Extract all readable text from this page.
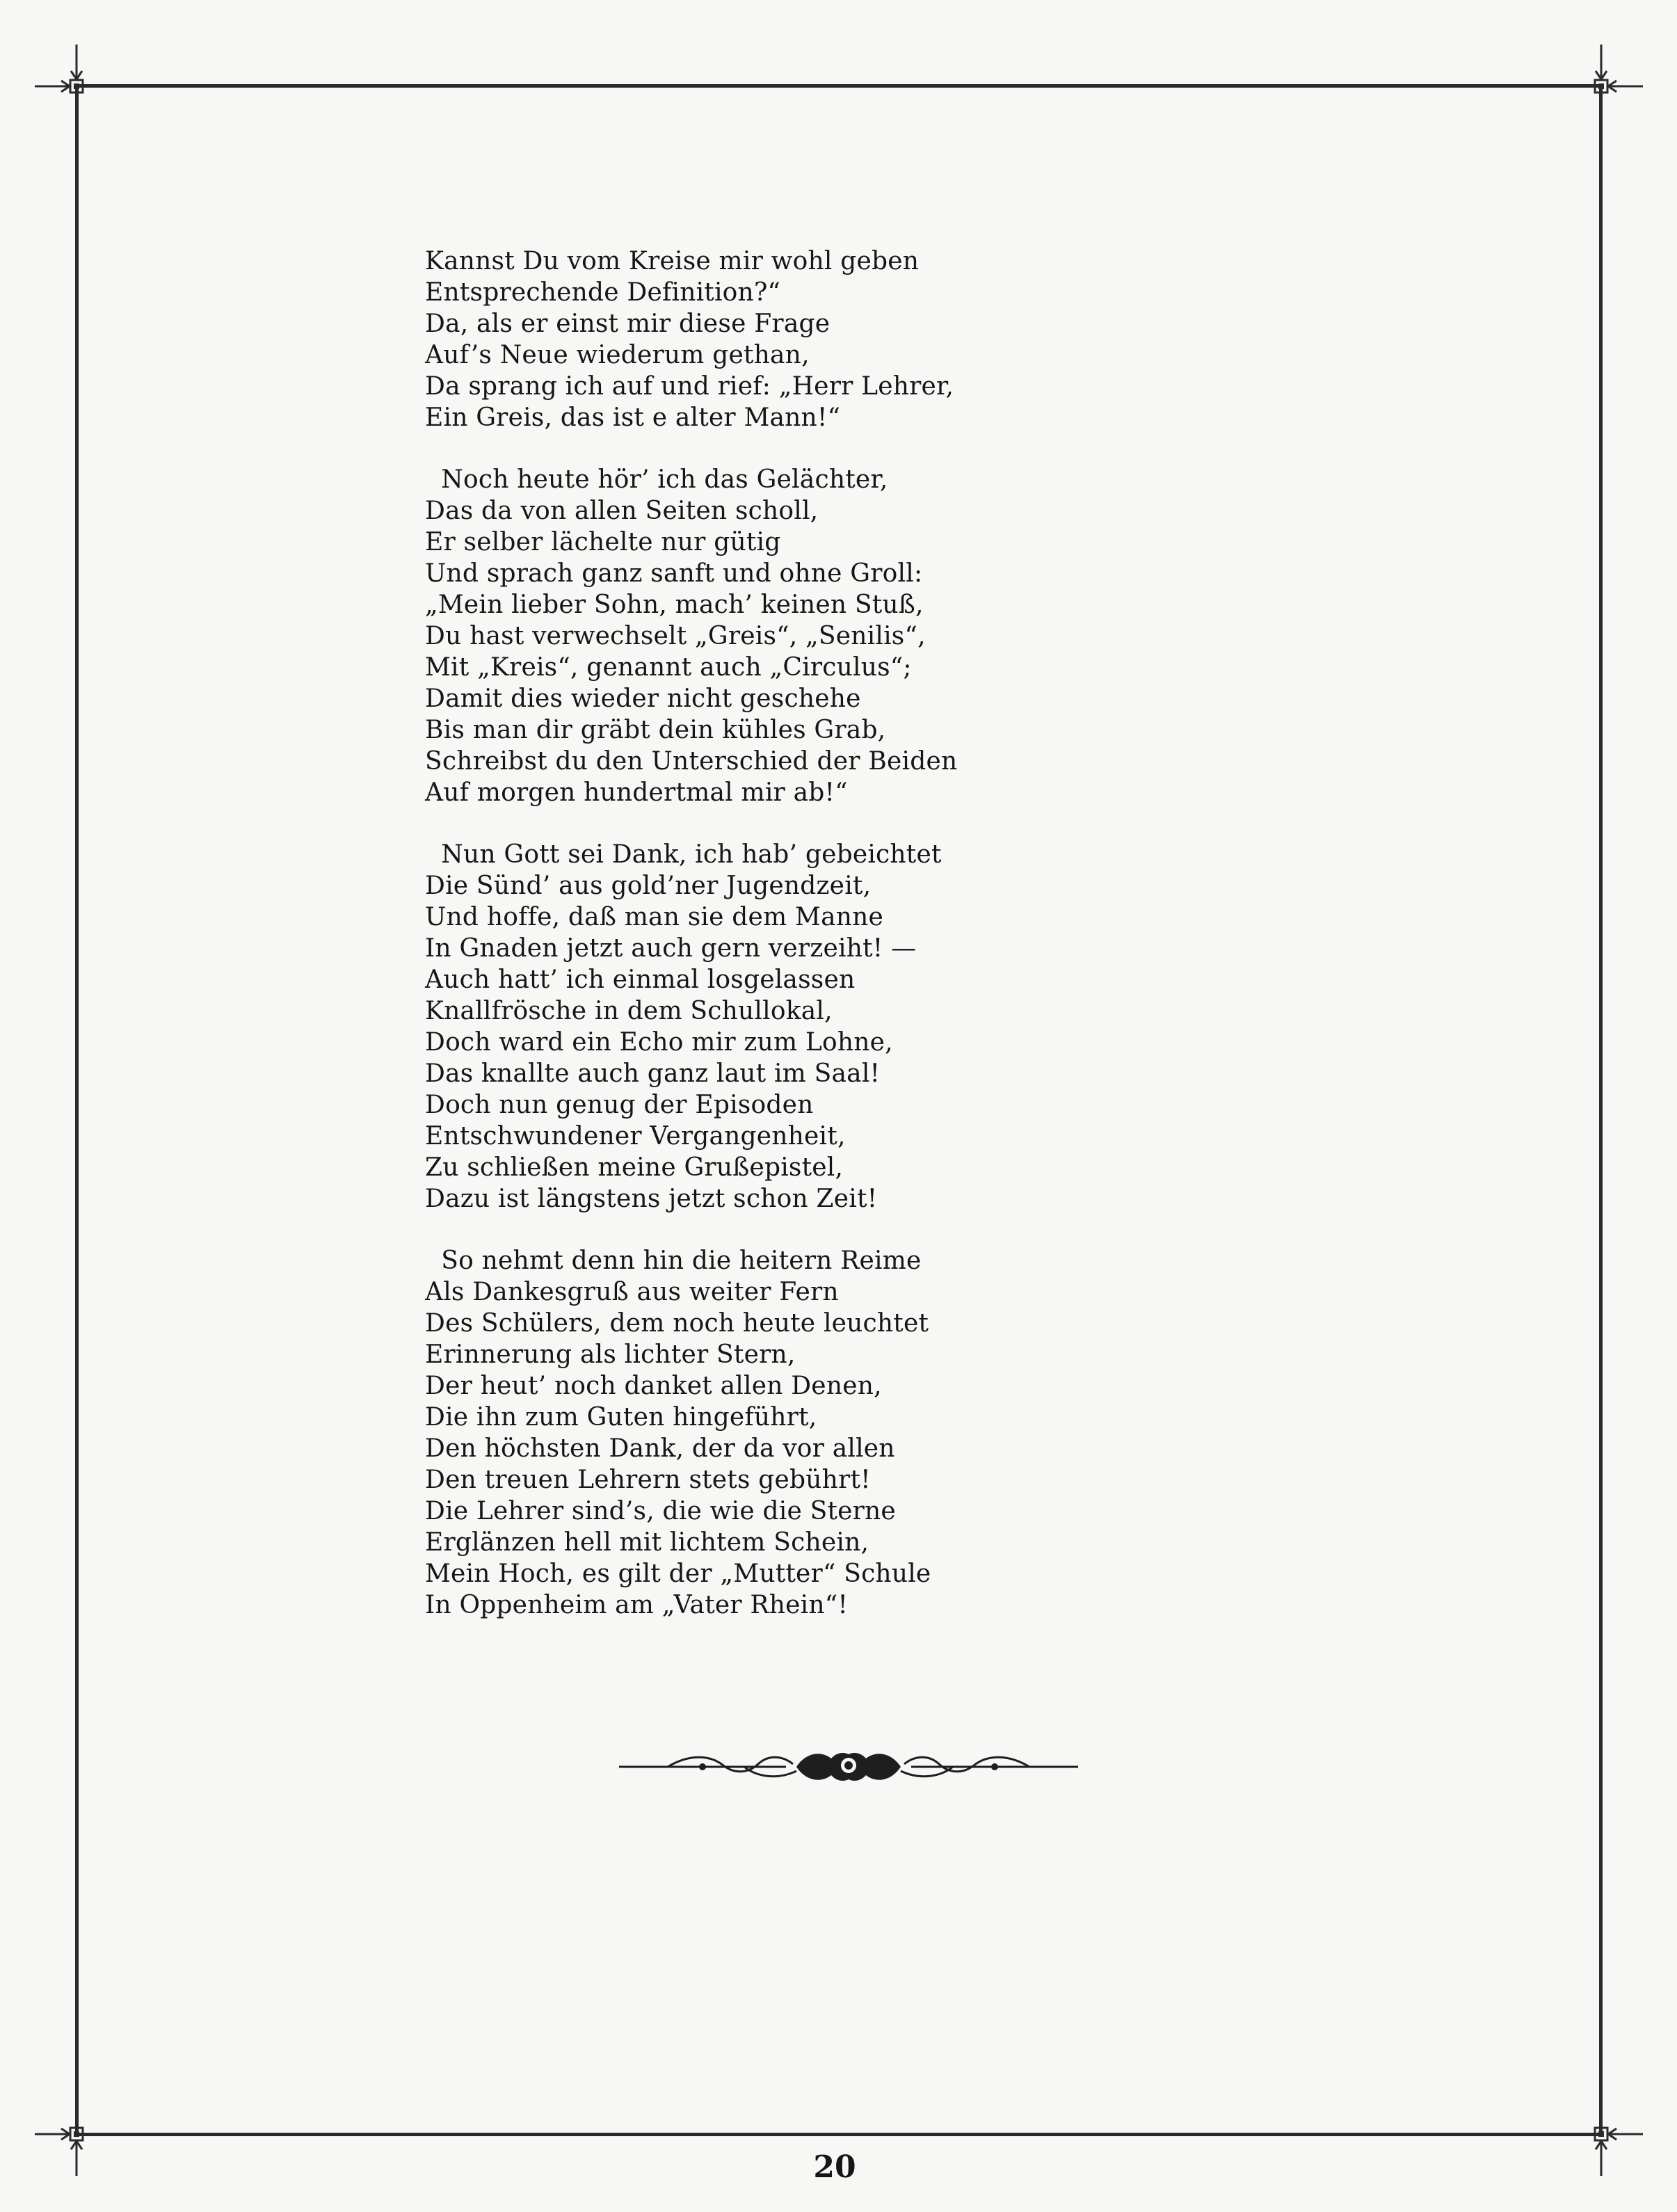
Kannst Du vom Kreise mir wohl geben
Entsprechende Definition?“
Da, als er einst mir diese Frage
Auf’s Neue wiederum gethan,
Da sprang ich auf und rief: „Herr Lehrer,
Ein Greis, das ist e alter Mann!“
Noch heute hör’ ich das Gelächter,
Das da von allen Seiten scholl,
Er selber lächelte nur gütig
Und sprach ganz sanft und ohne Groll:
„Mein lieber Sohn, mach’ keinen Stuß,
Du hast verwechselt „Greis“, „Senilis“,
Mit „Kreis“, genannt auch „Circulus“;
Damit dies wieder nicht geschehe
Bis man dir gräbt dein kühles Grab,
Schreibst du den Unterschied der Beiden
Auf morgen hundertmal mir ab!“
Nun Gott sei Dank, ich hab’ gebeichtet
Die Sünd’ aus gold’ner Jugendzeit,
Und hoffe, daß man sie dem Manne
In Gnaden jetzt auch gern verzeiht! —
Auch hatt’ ich einmal losgelassen
Knallfrösche in dem Schullokal,
Doch ward ein Echo mir zum Lohne,
Das knallte auch ganz laut im Saal!
Doch nun genug der Episoden
Entschwundener Vergangenheit,
Zu schließen meine Grußepistel,
Dazu ist längstens jetzt schon Zeit!
So nehmt denn hin die heitern Reime
Als Dankesgruß aus weiter Fern
Des Schülers, dem noch heute leuchtet
Erinnerung als lichter Stern,
Der heut’ noch danket allen Denen,
Die ihn zum Guten hingeführt,
Den höchsten Dank, der da vor allen
Den treuen Lehrern stets gebührt!
Die Lehrer sind’s, die wie die Sterne
Erglänzen hell mit lichtem Schein,
Mein Hoch, es gilt der „Mutter“ Schule
In Oppenheim am „Vater Rhein“!
20
